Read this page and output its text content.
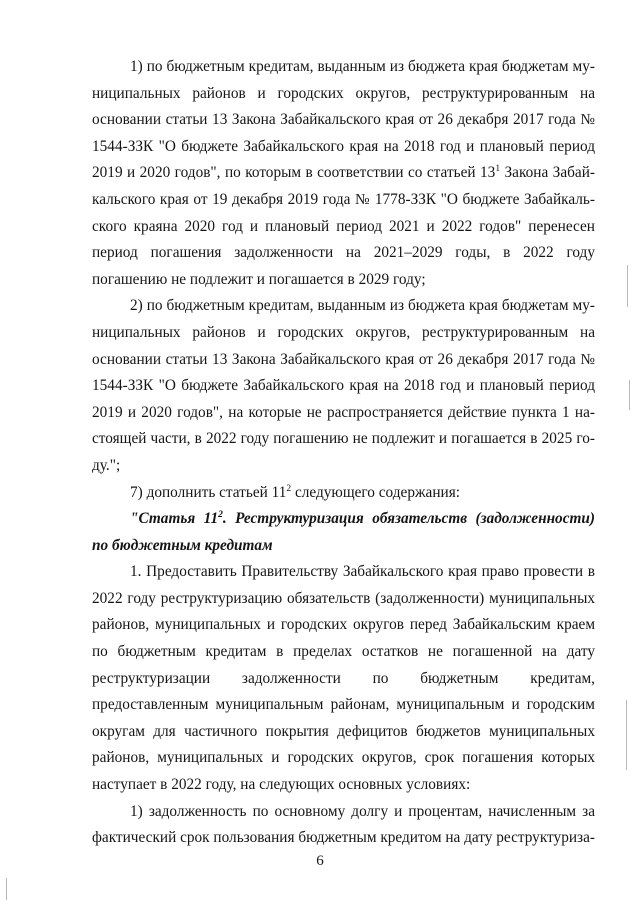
1) по бюджетным кредитам, выданным из бюджета края бюджетам муниципальных районов и городских округов, реструктурированным на основании статьи 13 Закона Забайкальского края от 26 декабря 2017 года № 1544-ЗЗК "О бюджете Забайкальского края на 2018 год и плановый период 2019 и 2020 годов", по которым в соответствии со статьей $13^1$ Закона Забайкальского края от 19 декабря 2019 года № 1778-ЗЗК "О бюджете Забайкальского краяна 2020 год и плановый период 2021 и 2022 годов" перенесен период погашения задолженности на 2021–2029 годы, в 2022 году погашению не подлежит и погашается в 2029 году;

2) по бюджетным кредитам, выданным из бюджета края бюджетам муниципальных районов и городских округов, реструктурированным на основании статьи 13 Закона Забайкальского края от 26 декабря 2017 года № 1544-ЗЗК "О бюджете Забайкальского края на 2018 год и плановый период 2019 и 2020 годов", на которые не распространяется действие пункта 1 настоящей части, в 2022 году погашению не подлежит и погашается в 2025 году.";

7) дополнить статьей $11^2$ следующего содержания:

"Статья $11^2$. Реструктуризация обязательств (задолженности) по бюджетным кредитам

1. Предоставить Правительству Забайкальского края право провести в 2022 году реструктуризацию обязательств (задолженности) муниципальных районов, муниципальных и городских округов перед Забайкальским краем по бюджетным кредитам в пределах остатков не погашенной на дату реструктуризации задолженности по бюджетным кредитам, предоставленным муниципальным районам, муниципальным и городским округам для частичного покрытия дефицитов бюджетов муниципальных районов, муниципальных и городских округов, срок погашения которых наступает в 2022 году, на следующих основных условиях:

1) задолженность по основному долгу и процентам, начисленным за фактический срок пользования бюджетным кредитом на дату реструктуриза-

6
